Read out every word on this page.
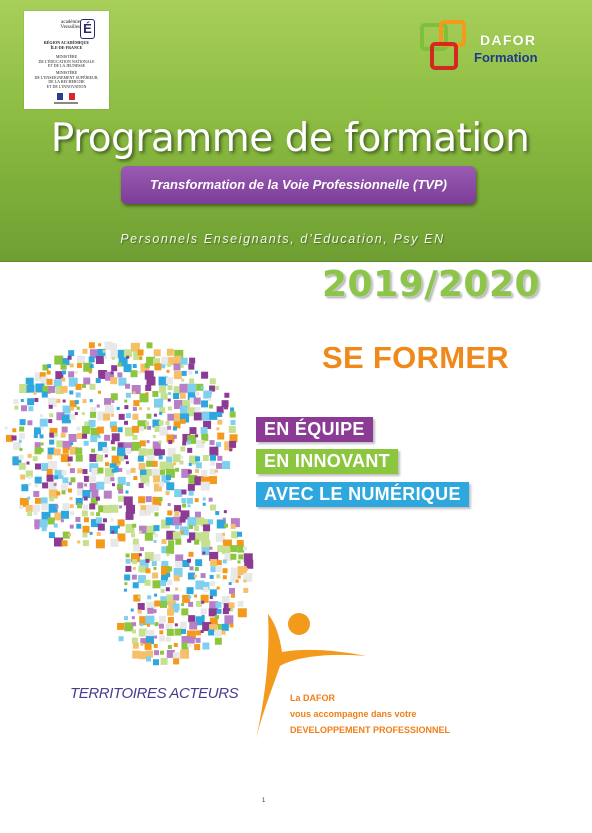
académie
Versailles É
RÉGION ACADÉMIQUE
ÎLE-DE-FRANCE
MINISTÈRE
DE L'ÉDUCATION NATIONALE
ET DE LA JEUNESSE
MINISTÈRE
DE L'ENSEIGNEMENT SUPÉRIEUR,
DE LA RECHERCHE
ET DE L'INNOVATION
DAFOR
Formation
Programme de formation
Transformation de la Voie Professionnelle (TVP)
Personnels Enseignants, d’Education, Psy EN
2019/2020
SE FORMER
EN ÉQUIPE
EN INNOVANT
AVEC LE NUMÉRIQUE
TERRITOIRES ACTEURS	La DAFOR
vous accompagne dans votre
DEVELOPPEMENT PROFESSIONNEL
1
